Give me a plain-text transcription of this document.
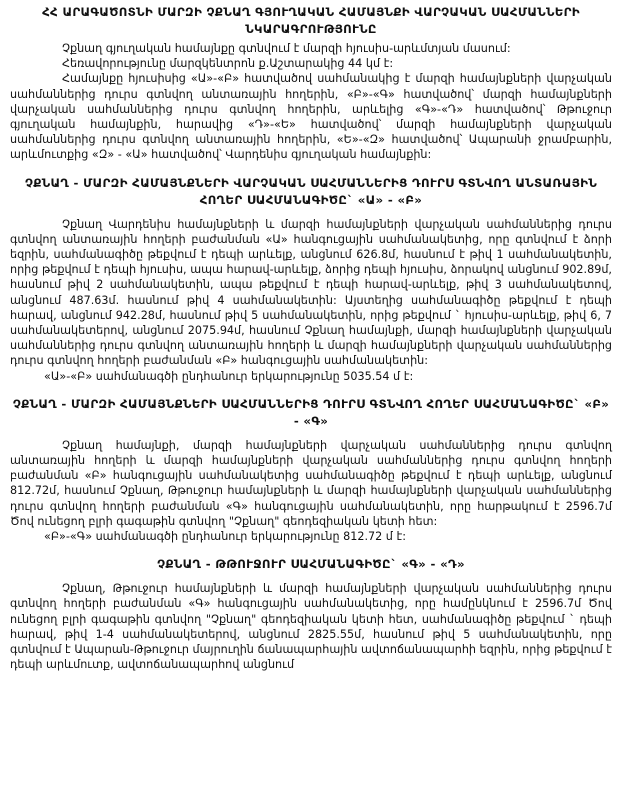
ՀՀ ԱՐԱԳԱԾՈՏՆԻ ՄԱՐԶԻ ՉՔՆԱՂ ԳՅՈՒՂԱԿԱՆ ՀԱՄԱՅՆՔԻ ՎԱՐՉԱԿԱՆ ՍԱՀՄԱՆՆԵՐԻ ՆԿԱՐԱԳՐՈՒԹՅՈՒՆԸ

Չքնաղ գյուղական համայնքը գտնվում է մարզի հյուսիս-արևմտյան մասում:

Հեռավորությունը մարզկենտրոն ք.Աշտարակից 44 կմ է:

Համայնքը հյուսիսից «Ա»-«Բ» հատվածով սահմանակից է մարզի համայնքների վարչական սահմաններից դուրս գտնվող անտառային հողերին, «Բ»-«Գ» հատվածով՝ մարզի համայնքների վարչական սահմաններից դուրս գտնվող հողերին, արևելից «Գ»-«Դ» հատվածով՝ Թթուջուր գյուղական համայնքին, հարավից «Դ»-«Ե» հատվածով՝ մարզի համայնքների վարչական սահմաններից դուրս գտնվող անտառային հողերին, «Ե»-«Զ» հատվածով՝ Ապարանի ջրամբարին, արևմուտքից «Զ» - «Ա» հատվածով՝ Վարդենիս գյուղական համայնքին:

ՉՔՆԱՂ - ՄԱՐԶԻ ՀԱՄԱՅՆՔՆԵՐԻ ՎԱՐՉԱԿԱՆ ՍԱՀՄԱՆՆԵՐԻՑ ԴՈՒՐՍ ԳՏՆՎՈՂ ԱՆՏԱՌԱՅԻՆ ՀՈՂԵՐ ՍԱՀՄԱՆԱԳԻԾԸ` «Ա» - «Բ»

Չքնաղ Վարդենիս համայնքների և մարզի համայնքների վարչական սահմաններից դուրս գտնվող անտառային հողերի բաժանման «Ա» հանգուցային սահմանակետից, որը գտնվում է ձորի եզրին, սահմանագիծը թեքվում է դեպի արևելք, անցնում 626.8մ, հասնում է թիվ 1 սահմանակետին, որից թեքվում է դեպի հյուսիս, ապա հարավ-արևելք, ձորից դեպի հյուսիս, ձորակով անցնում 902.89մ, հասնում թիվ 2 սահմանակետին, ապա թեքվում է դեպի հարավ-արևելք, թիվ 3 սահմանակետով, անցնում 487.63մ. հասնում թիվ 4 սահմանակետին: Այստեղից սահմանագիծը թեքվում է դեպի հարավ, անցնում 942.28մ, հասնում թիվ 5 սահմանակետին, որից թեքվում ` հյուսիս-արևելք, թիվ 6, 7 սահմանակետերով, անցնում 2075.94մ, հասնում Չքնաղ համայնքի, մարզի համայնքների վարչական սահմաններից դուրս գտնվող անտառային հողերի և մարզի համայնքների վարչական սահմաններից դուրս գտնվող հողերի բաժանման «Բ» հանգուցային սահմանակետին:

«Ա»-«Բ» սահմանագծի ընդհանուր երկարությունը 5035.54 մ է:

ՉՔՆԱՂ - ՄԱՐԶԻ ՀԱՄԱՅՆՔՆԵՐԻ ՍԱՀՄԱՆՆԵՐԻՑ ԴՈՒՐՍ ԳՏՆՎՈՂ ՀՈՂԵՐ ՍԱՀՄԱՆԱԳԻԾԸ` «Բ» - «Գ»

Չքնաղ համայնքի, մարզի համայնքների վարչական սահմաններից դուրս գտնվող անտառային հողերի և մարզի համայնքների վարչական սահմաններից դուրս գտնվող հողերի բաժանման «Բ» հանգուցային սահմանակետից սահմանագիծը թեքվում է դեպի արևելք, անցնում 812.72մ, հասնում Չքնաղ, Թթուջուր համայնքների և մարզի համայնքների վարչական սահմաններից դուրս գտնվող հողերի բաժանման «Գ» հանգուցային սահմանակետին, որը հարթակում է 2596.7մ Ծով ունեցող բլրի գագաթին գտնվող "Չքնաղ" գեոդեզիական կետի հետ:

«Բ»-«Գ» սահմանագծի ընդհանուր երկարությունը 812.72 մ է:

ՉՔՆԱՂ - ԹԹՈՒՋՈՒՐ ՍԱՀՄԱՆԱԳԻԾԸ` «Գ» - «Դ»

Չքնաղ, Թթուջուր համայնքների և մարզի համայնքների վարչական սահմաններից դուրս գտնվող հողերի բաժանման «Գ» հանգուցային սահմանակետից, որը համընկնում է 2596.7մ Ծով ունեցող բլրի գագաթին գտնվող "Չքնաղ" գեոդեզիական կետի հետ, սահմանագիծը թեքվում ` դեպի հարավ, թիվ 1-4 սահմանակետերով, անցնում 2825.55մ, հասնում թիվ 5 սահմանակետին, որը գտնվում է Ապարան-Թթուջուր մայրուղին ճանապարհային ավտոճանապարհի եզրին, որից թեքվում է դեպի արևմուտք, ավտոճանապարհով անցնում
